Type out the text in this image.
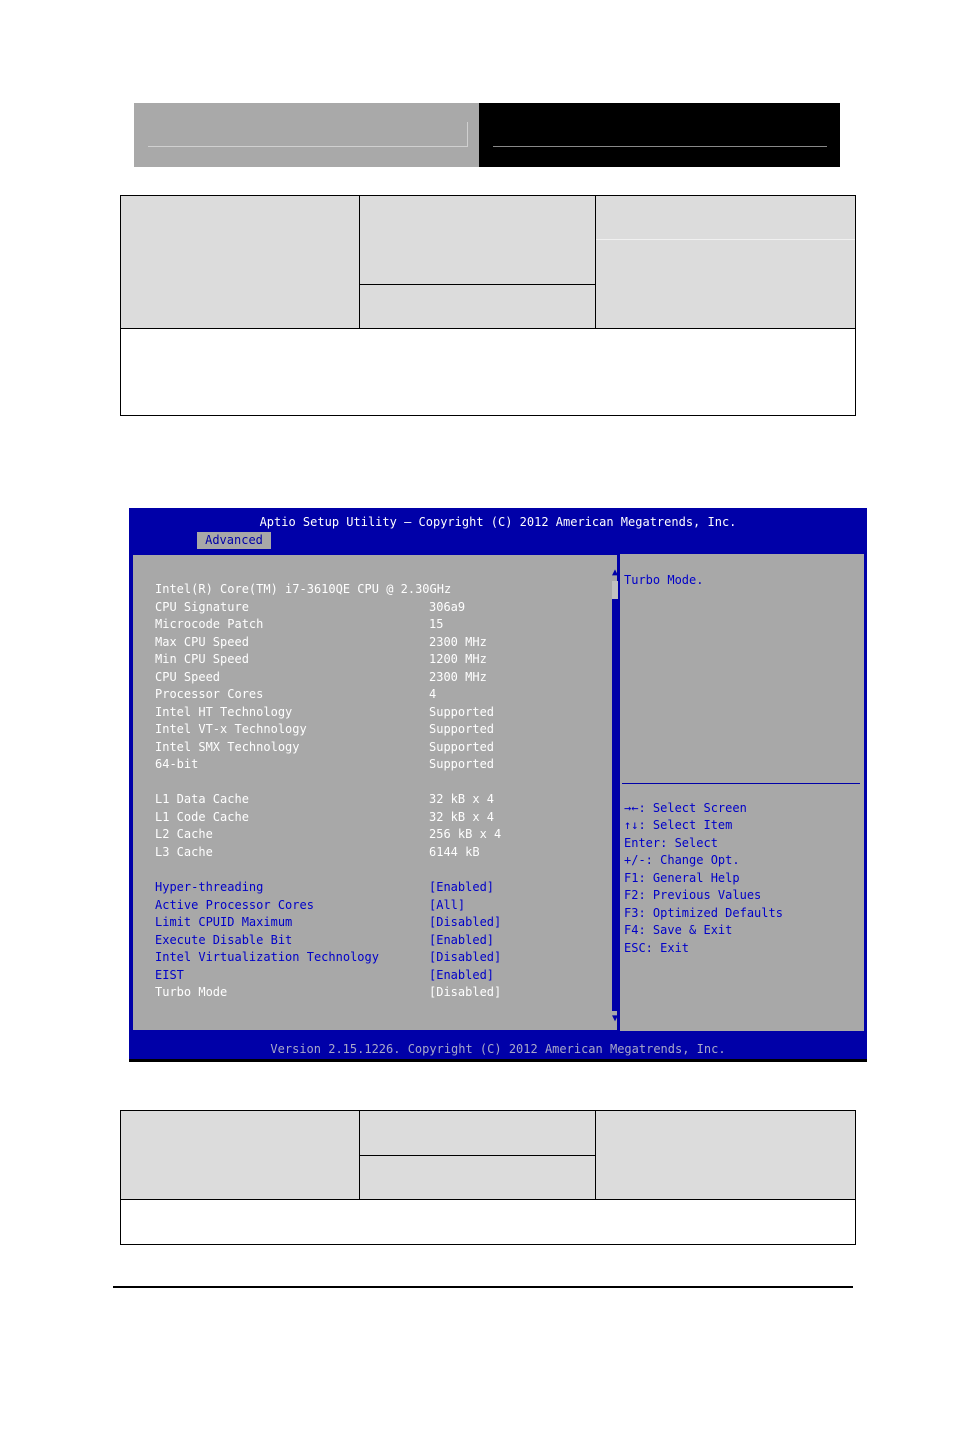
Aptio Setup Utility – Copyright (C) 2012 American Megatrends, Inc.
Advanced
Intel(R) Core(TM) i7-3610QE CPU @ 2.30GHz
CPU Signature	306a9
Microcode Patch	15
Max CPU Speed	2300 MHz
Min CPU Speed	1200 MHz
CPU Speed	2300 MHz
Processor Cores	4
Intel HT Technology	Supported
Intel VT-x Technology	Supported
Intel SMX Technology	Supported
64-bit	Supported
L1 Data Cache	32 kB x 4
L1 Code Cache	32 kB x 4
L2 Cache	256 kB x 4
L3 Cache	6144 kB
Hyper-threading	[Enabled]
Active Processor Cores	[All]
Limit CPUID Maximum	[Disabled]
Execute Disable Bit	[Enabled]
Intel Virtualization Technology	[Disabled]
EIST	[Enabled]
Turbo Mode	[Disabled]
▲
▼
Turbo Mode.
→←: Select Screen
↑↓: Select Item
Enter: Select
+/-: Change Opt.
F1: General Help
F2: Previous Values
F3: Optimized Defaults
F4: Save & Exit
ESC: Exit
Version 2.15.1226. Copyright (C) 2012 American Megatrends, Inc.
